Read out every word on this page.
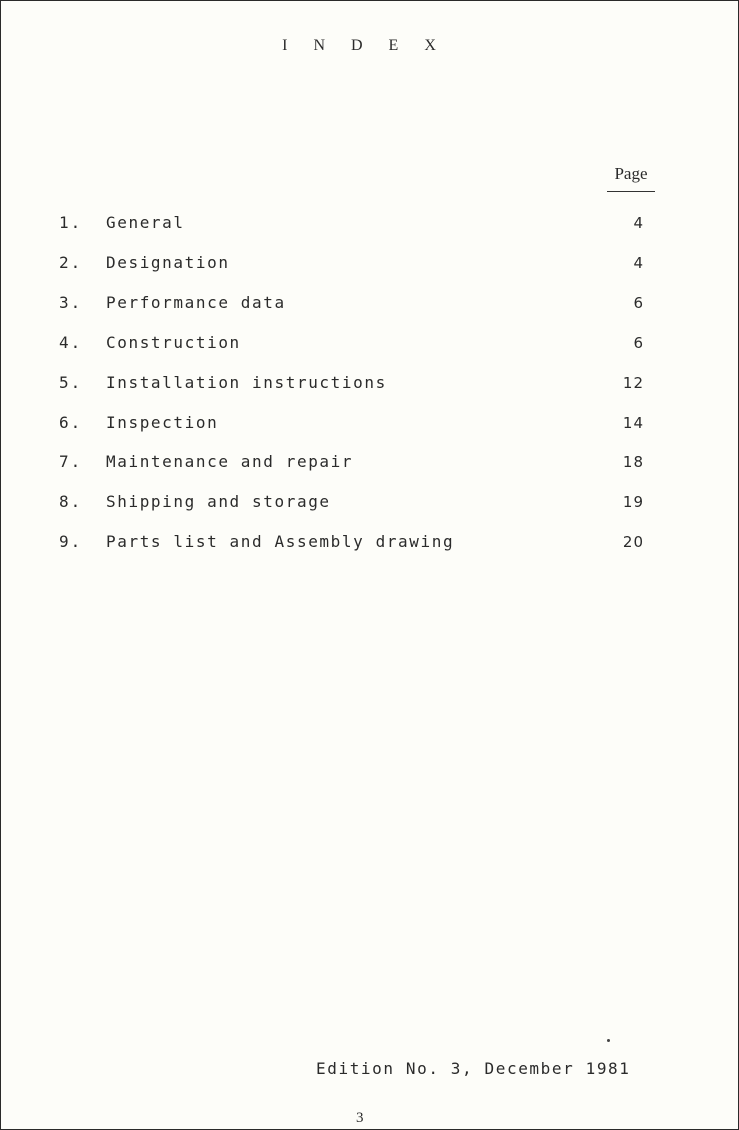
I N D E X
Page
1. General	4
2. Designation	4
3. Performance data	6
4. Construction	6
5. Installation instructions	12
6. Inspection	14
7. Maintenance and repair	18
8. Shipping and storage	19
9. Parts list and Assembly drawing	20
Edition No. 3, December 1981
3
